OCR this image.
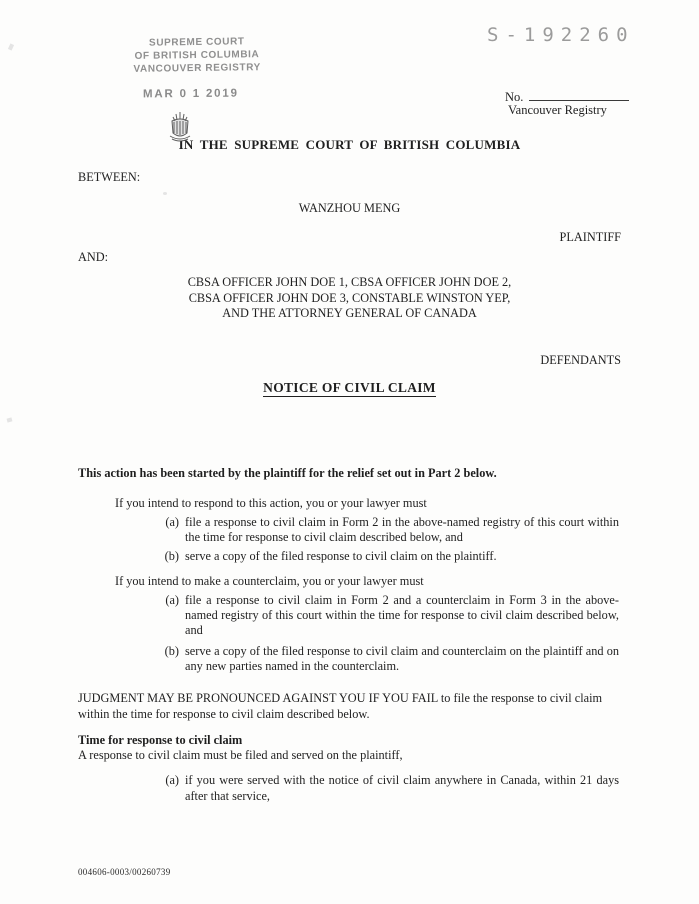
SUPREME COURT
OF BRITISH COLUMBIA
VANCOUVER REGISTRY
MAR 0 1 2019
S-192260
No.
Vancouver Registry
IN THE SUPREME COURT OF BRITISH COLUMBIA
BETWEEN:
WANZHOU MENG
PLAINTIFF
AND:
CBSA OFFICER JOHN DOE 1, CBSA OFFICER JOHN DOE 2,
CBSA OFFICER JOHN DOE 3, CONSTABLE WINSTON YEP,
AND THE ATTORNEY GENERAL OF CANADA
DEFENDANTS
NOTICE OF CIVIL CLAIM

This action has been started by the plaintiff for the relief set out in Part 2 below.

If you intend to respond to this action, you or your lawyer must

(a) file a response to civil claim in Form 2 in the above-named registry of this court within the time for response to civil claim described below, and
(b) serve a copy of the filed response to civil claim on the plaintiff.

If you intend to make a counterclaim, you or your lawyer must

(a) file a response to civil claim in Form 2 and a counterclaim in Form 3 in the above-named registry of this court within the time for response to civil claim described below, and
(b) serve a copy of the filed response to civil claim and counterclaim on the plaintiff and on any new parties named in the counterclaim.

JUDGMENT MAY BE PRONOUNCED AGAINST YOU IF YOU FAIL to file the response to civil claim within the time for response to civil claim described below.

Time for response to civil claim

A response to civil claim must be filed and served on the plaintiff,

(a) if you were served with the notice of civil claim anywhere in Canada, within 21 days after that service,
004606-0003/00260739
